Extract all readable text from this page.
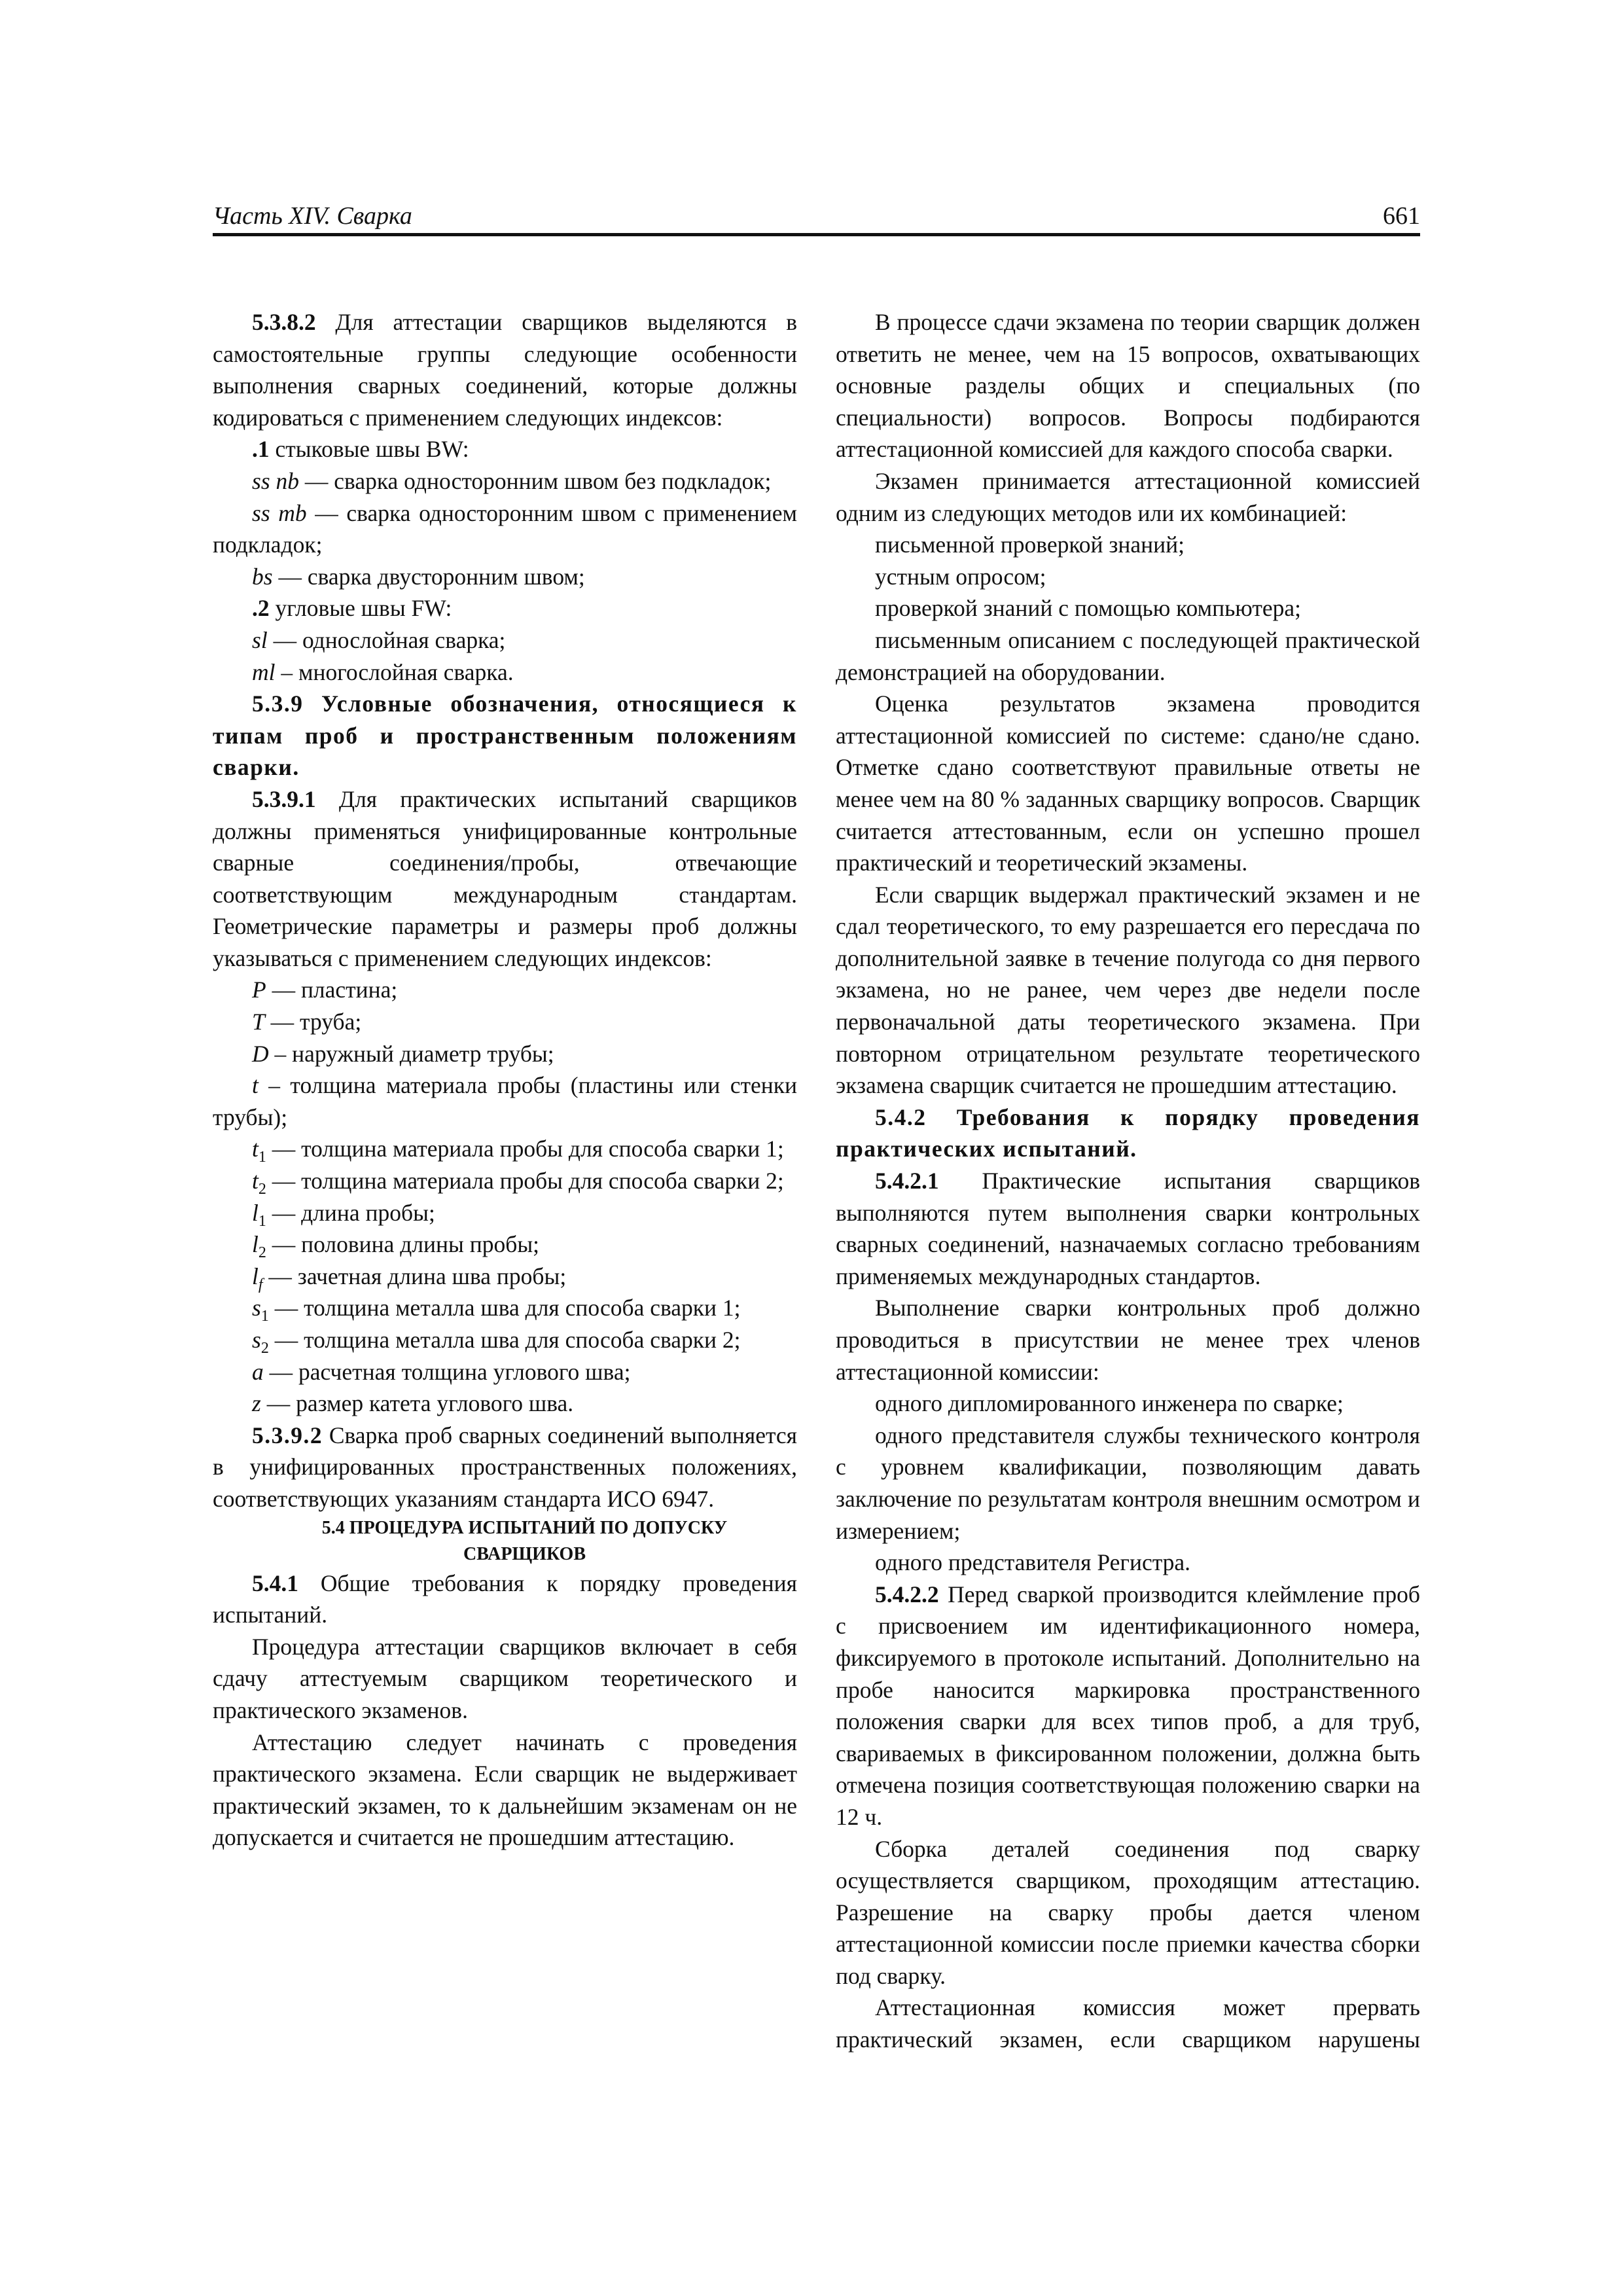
Часть XIV. Сварка	661

5.3.8.2 Для аттестации сварщиков выделяются в самостоятельные группы следующие особенности выполнения сварных соединений, которые должны кодироваться с применением следующих индексов:

.1 стыковые швы BW:

ss nb — сварка односторонним швом без подкладок;

ss mb — сварка односторонним швом с применением подкладок;

bs — сварка двусторонним швом;

.2 угловые швы FW:

sl — однослойная сварка;

ml – многослойная сварка.

5.3.9 Условные обозначения, относящиеся к типам проб и пространственным положениям сварки.

5.3.9.1 Для практических испытаний сварщиков должны применяться унифицированные контрольные сварные соединения/пробы, отвечающие соответствующим международным стандартам. Геометрические параметры и размеры проб должны указываться с применением следующих индексов:

P — пластина;

T — труба;

D – наружный диаметр трубы;

t – толщина материала пробы (пластины или стенки трубы);

$t_1$ — толщина материала пробы для способа сварки 1;

$t_2$ — толщина материала пробы для способа сварки 2;

$l_1$ — длина пробы;

$l_2$ — половина длины пробы;

$l_f$ — зачетная длина шва пробы;

$s_1$ — толщина металла шва для способа сварки 1;

$s_2$ — толщина металла шва для способа сварки 2;

a — расчетная толщина углового шва;

z — размер катета углового шва.

5.3.9.2 Сварка проб сварных соединений выполняется в унифицированных пространственных положениях, соответствующих указаниям стандарта ИСО 6947.

5.4 ПРОЦЕДУРА ИСПЫТАНИЙ ПО ДОПУСКУ
СВАРЩИКОВ

5.4.1 Общие требования к порядку проведения испытаний.

Процедура аттестации сварщиков включает в себя сдачу аттестуемым сварщиком теоретического и практического экзаменов.

Аттестацию следует начинать с проведения практического экзамена. Если сварщик не выдерживает практический экзамен, то к дальнейшим экзаменам он не допускается и считается не прошедшим аттестацию.

В процессе сдачи экзамена по теории сварщик должен ответить не менее, чем на 15 вопросов, охватывающих основные разделы общих и специальных (по специальности) вопросов. Вопросы подбираются аттестационной комиссией для каждого способа сварки.

Экзамен принимается аттестационной комиссией одним из следующих методов или их комбинацией:

письменной проверкой знаний;

устным опросом;

проверкой знаний с помощью компьютера;

письменным описанием с последующей практической демонстрацией на оборудовании.

Оценка результатов экзамена проводится аттестационной комиссией по системе: сдано/не сдано. Отметке сдано соответствуют правильные ответы не менее чем на 80 % заданных сварщику вопросов. Сварщик считается аттестованным, если он успешно прошел практический и теоретический экзамены.

Если сварщик выдержал практический экзамен и не сдал теоретического, то ему разрешается его пересдача по дополнительной заявке в течение полугода со дня первого экзамена, но не ранее, чем через две недели после первоначальной даты теоретического экзамена. При повторном отрицательном результате теоретического экзамена сварщик считается не прошедшим аттестацию.

5.4.2 Требования к порядку проведения практических испытаний.

5.4.2.1 Практические испытания сварщиков выполняются путем выполнения сварки контрольных сварных соединений, назначаемых согласно требованиям применяемых международных стандартов.

Выполнение сварки контрольных проб должно проводиться в присутствии не менее трех членов аттестационной комиссии:

одного дипломированного инженера по сварке;

одного представителя службы технического контроля с уровнем квалификации, позволяющим давать заключение по результатам контроля внешним осмотром и измерением;

одного представителя Регистра.

5.4.2.2 Перед сваркой производится клеймление проб с присвоением им идентификационного номера, фиксируемого в протоколе испытаний. Дополнительно на пробе наносится маркировка пространственного положения сварки для всех типов проб, а для труб, свариваемых в фиксированном положении, должна быть отмечена позиция соответствующая положению сварки на 12 ч.

Сборка деталей соединения под сварку осуществляется сварщиком, проходящим аттестацию. Разрешение на сварку пробы дается членом аттестационной комиссии после приемки качества сборки под сварку.

Аттестационная комиссия может прервать практический экзамен, если сварщиком нарушены
